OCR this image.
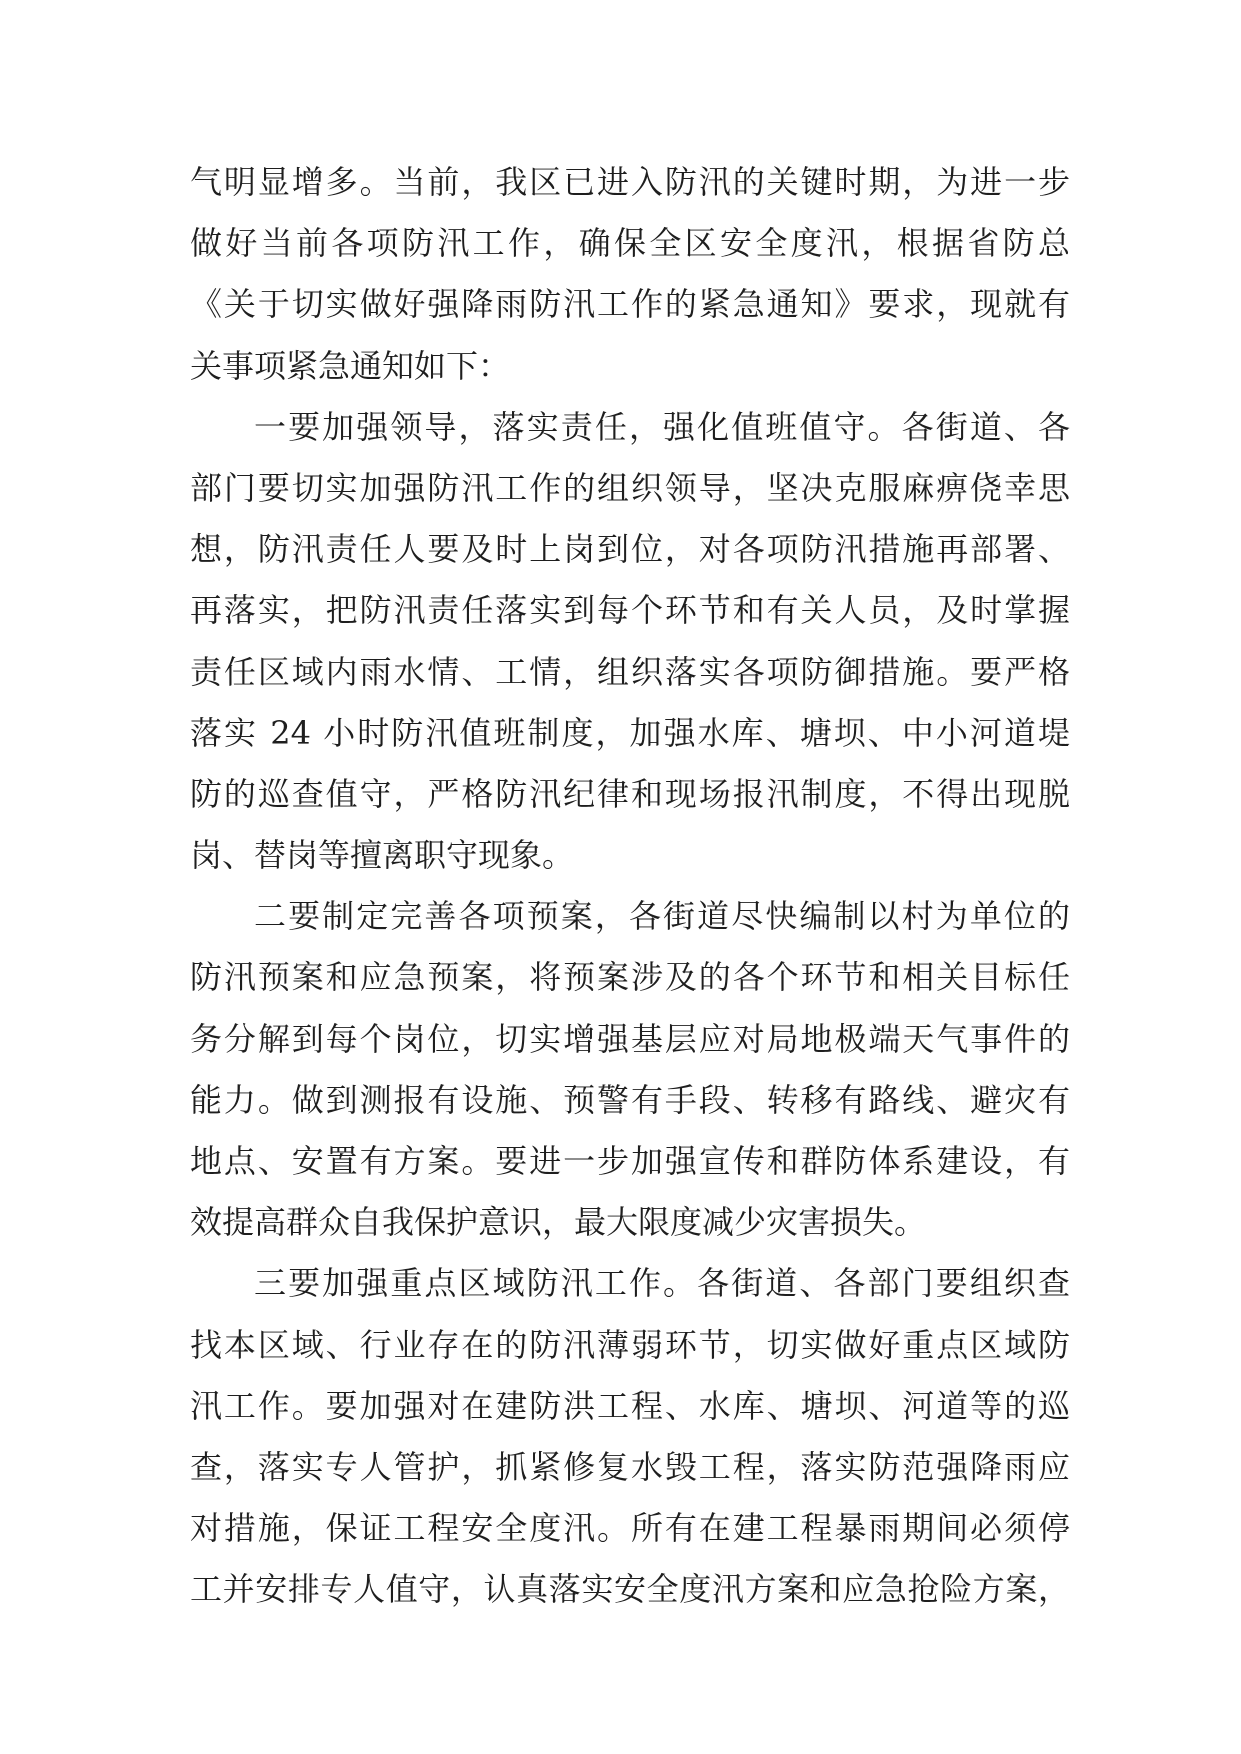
气明显增多。当前，我区已进入防汛的关键时期，为进一步
做好当前各项防汛工作，确保全区安全度汛，根据省防总
《关于切实做好强降雨防汛工作的紧急通知》要求，现就有
关事项紧急通知如下：
一要加强领导，落实责任，强化值班值守。各街道、各
部门要切实加强防汛工作的组织领导，坚决克服麻痹侥幸思
想，防汛责任人要及时上岗到位，对各项防汛措施再部署、
再落实，把防汛责任落实到每个环节和有关人员，及时掌握
责任区域内雨水情、工情，组织落实各项防御措施。要严格
落实 24 小时防汛值班制度，加强水库、塘坝、中小河道堤
防的巡查值守，严格防汛纪律和现场报汛制度，不得出现脱
岗、替岗等擅离职守现象。
二要制定完善各项预案，各街道尽快编制以村为单位的
防汛预案和应急预案，将预案涉及的各个环节和相关目标任
务分解到每个岗位，切实增强基层应对局地极端天气事件的
能力。做到测报有设施、预警有手段、转移有路线、避灾有
地点、安置有方案。要进一步加强宣传和群防体系建设，有
效提高群众自我保护意识，最大限度减少灾害损失。
三要加强重点区域防汛工作。各街道、各部门要组织查
找本区域、行业存在的防汛薄弱环节，切实做好重点区域防
汛工作。要加强对在建防洪工程、水库、塘坝、河道等的巡
查，落实专人管护，抓紧修复水毁工程，落实防范强降雨应
对措施，保证工程安全度汛。所有在建工程暴雨期间必须停
工并安排专人值守，认真落实安全度汛方案和应急抢险方案，
